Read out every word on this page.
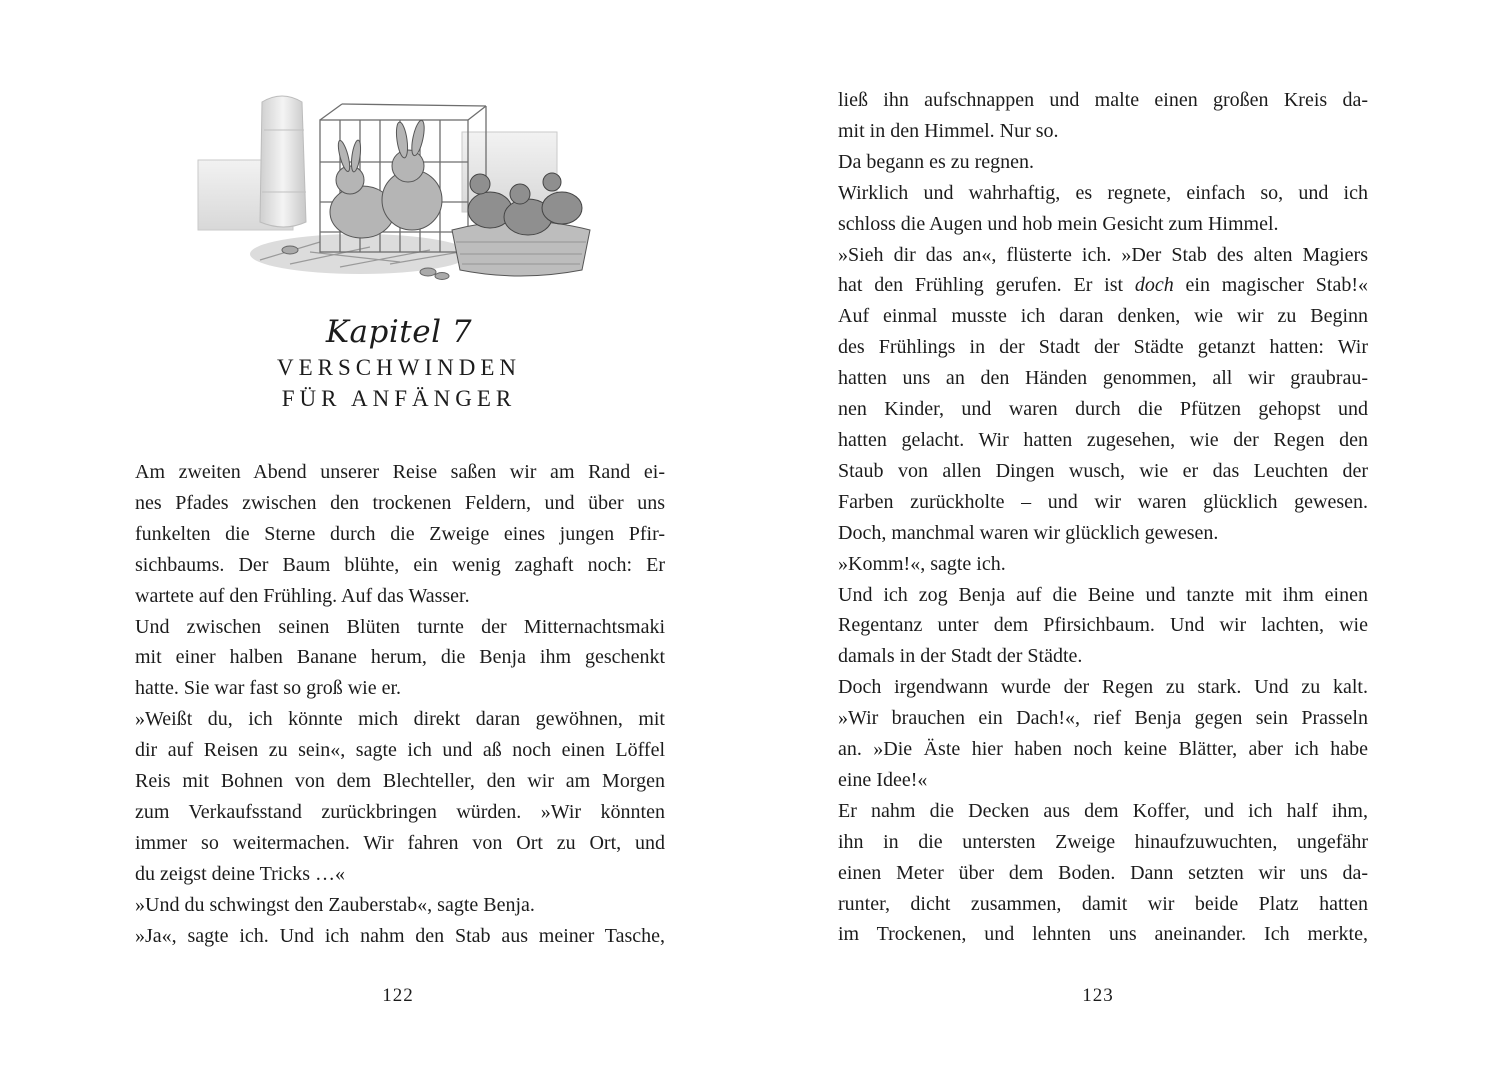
Kapitel 7
VERSCHWINDEN
FÜR ANFÄNGER
Am zweiten Abend unserer Reise saßen wir am Rand ei-
nes Pfades zwischen den trockenen Feldern, und über uns
funkelten die Sterne durch die Zweige eines jungen Pfir-
sichbaums. Der Baum blühte, ein wenig zaghaft noch: Er
wartete auf den Frühling. Auf das Wasser.
Und zwischen seinen Blüten turnte der Mitternachtsmaki
mit einer halben Banane herum, die Benja ihm geschenkt
hatte. Sie war fast so groß wie er.
»Weißt du, ich könnte mich direkt daran gewöhnen, mit
dir auf Reisen zu sein«, sagte ich und aß noch einen Löffel
Reis mit Bohnen von dem Blechteller, den wir am Morgen
zum Verkaufsstand zurückbringen würden. »Wir könnten
immer so weitermachen. Wir fahren von Ort zu Ort, und
du zeigst deine Tricks …«
»Und du schwingst den Zauberstab«, sagte Benja.
»Ja«, sagte ich. Und ich nahm den Stab aus meiner Tasche,
122
ließ ihn aufschnappen und malte einen großen Kreis da-
mit in den Himmel. Nur so.
Da begann es zu regnen.
Wirklich und wahrhaftig, es regnete, einfach so, und ich
schloss die Augen und hob mein Gesicht zum Himmel.
»Sieh dir das an«, flüsterte ich. »Der Stab des alten Magiers
hat den Frühling gerufen. Er ist doch ein magischer Stab!«
Auf einmal musste ich daran denken, wie wir zu Beginn
des Frühlings in der Stadt der Städte getanzt hatten: Wir
hatten uns an den Händen genommen, all wir graubrau-
nen Kinder, und waren durch die Pfützen gehopst und
hatten gelacht. Wir hatten zugesehen, wie der Regen den
Staub von allen Dingen wusch, wie er das Leuchten der
Farben zurückholte – und wir waren glücklich gewesen.
Doch, manchmal waren wir glücklich gewesen.
»Komm!«, sagte ich.
Und ich zog Benja auf die Beine und tanzte mit ihm einen
Regentanz unter dem Pfirsichbaum. Und wir lachten, wie
damals in der Stadt der Städte.
Doch irgendwann wurde der Regen zu stark. Und zu kalt.
»Wir brauchen ein Dach!«, rief Benja gegen sein Prasseln
an. »Die Äste hier haben noch keine Blätter, aber ich habe
eine Idee!«
Er nahm die Decken aus dem Koffer, und ich half ihm,
ihn in die untersten Zweige hinaufzuwuchten, ungefähr
einen Meter über dem Boden. Dann setzten wir uns da-
runter, dicht zusammen, damit wir beide Platz hatten
im Trockenen, und lehnten uns aneinander. Ich merkte,
123
